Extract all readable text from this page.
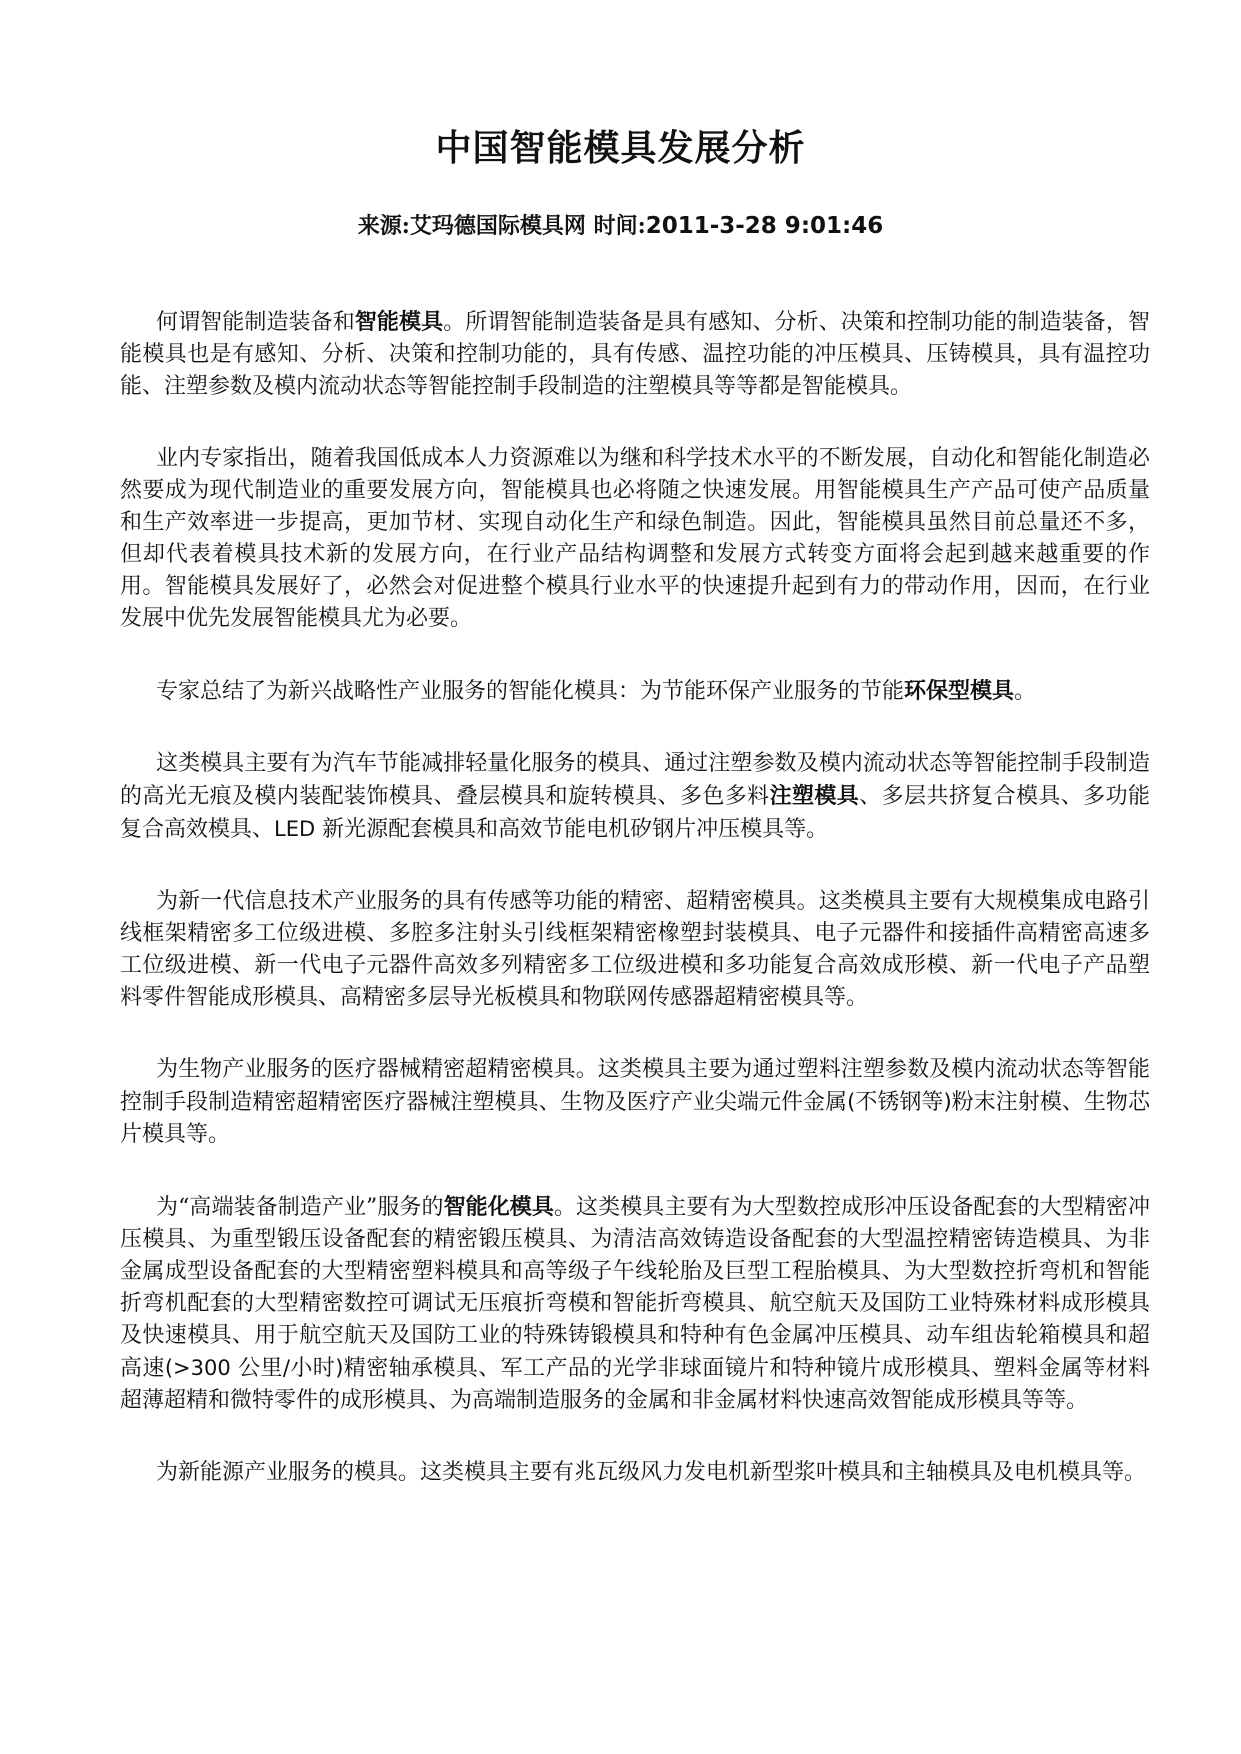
中国智能模具发展分析
来源:艾玛德国际模具网 时间:2011-3-28 9:01:46

何谓智能制造装备和智能模具。所谓智能制造装备是具有感知、分析、决策和控制功能的制造装备，智能模具也是有感知、分析、决策和控制功能的，具有传感、温控功能的冲压模具、压铸模具，具有温控功能、注塑参数及模内流动状态等智能控制手段制造的注塑模具等等都是智能模具。

业内专家指出，随着我国低成本人力资源难以为继和科学技术水平的不断发展，自动化和智能化制造必然要成为现代制造业的重要发展方向，智能模具也必将随之快速发展。用智能模具生产产品可使产品质量和生产效率进一步提高，更加节材、实现自动化生产和绿色制造。因此，智能模具虽然目前总量还不多，但却代表着模具技术新的发展方向，在行业产品结构调整和发展方式转变方面将会起到越来越重要的作用。智能模具发展好了，必然会对促进整个模具行业水平的快速提升起到有力的带动作用，因而，在行业发展中优先发展智能模具尤为必要。

专家总结了为新兴战略性产业服务的智能化模具：为节能环保产业服务的节能环保型模具。

这类模具主要有为汽车节能减排轻量化服务的模具、通过注塑参数及模内流动状态等智能控制手段制造的高光无痕及模内装配装饰模具、叠层模具和旋转模具、多色多料注塑模具、多层共挤复合模具、多功能复合高效模具、LED 新光源配套模具和高效节能电机矽钢片冲压模具等。

为新一代信息技术产业服务的具有传感等功能的精密、超精密模具。这类模具主要有大规模集成电路引线框架精密多工位级进模、多腔多注射头引线框架精密橡塑封装模具、电子元器件和接插件高精密高速多工位级进模、新一代电子元器件高效多列精密多工位级进模和多功能复合高效成形模、新一代电子产品塑料零件智能成形模具、高精密多层导光板模具和物联网传感器超精密模具等。

为生物产业服务的医疗器械精密超精密模具。这类模具主要为通过塑料注塑参数及模内流动状态等智能控制手段制造精密超精密医疗器械注塑模具、生物及医疗产业尖端元件金属(不锈钢等)粉末注射模、生物芯片模具等。

为“高端装备制造产业”服务的智能化模具。这类模具主要有为大型数控成形冲压设备配套的大型精密冲压模具、为重型锻压设备配套的精密锻压模具、为清洁高效铸造设备配套的大型温控精密铸造模具、为非金属成型设备配套的大型精密塑料模具和高等级子午线轮胎及巨型工程胎模具、为大型数控折弯机和智能折弯机配套的大型精密数控可调试无压痕折弯模和智能折弯模具、航空航天及国防工业特殊材料成形模具及快速模具、用于航空航天及国防工业的特殊铸锻模具和特种有色金属冲压模具、动车组齿轮箱模具和超高速(>300 公里/小时)精密轴承模具、军工产品的光学非球面镜片和特种镜片成形模具、塑料金属等材料超薄超精和微特零件的成形模具、为高端制造服务的金属和非金属材料快速高效智能成形模具等等。

为新能源产业服务的模具。这类模具主要有兆瓦级风力发电机新型浆叶模具和主轴模具及电机模具等。
